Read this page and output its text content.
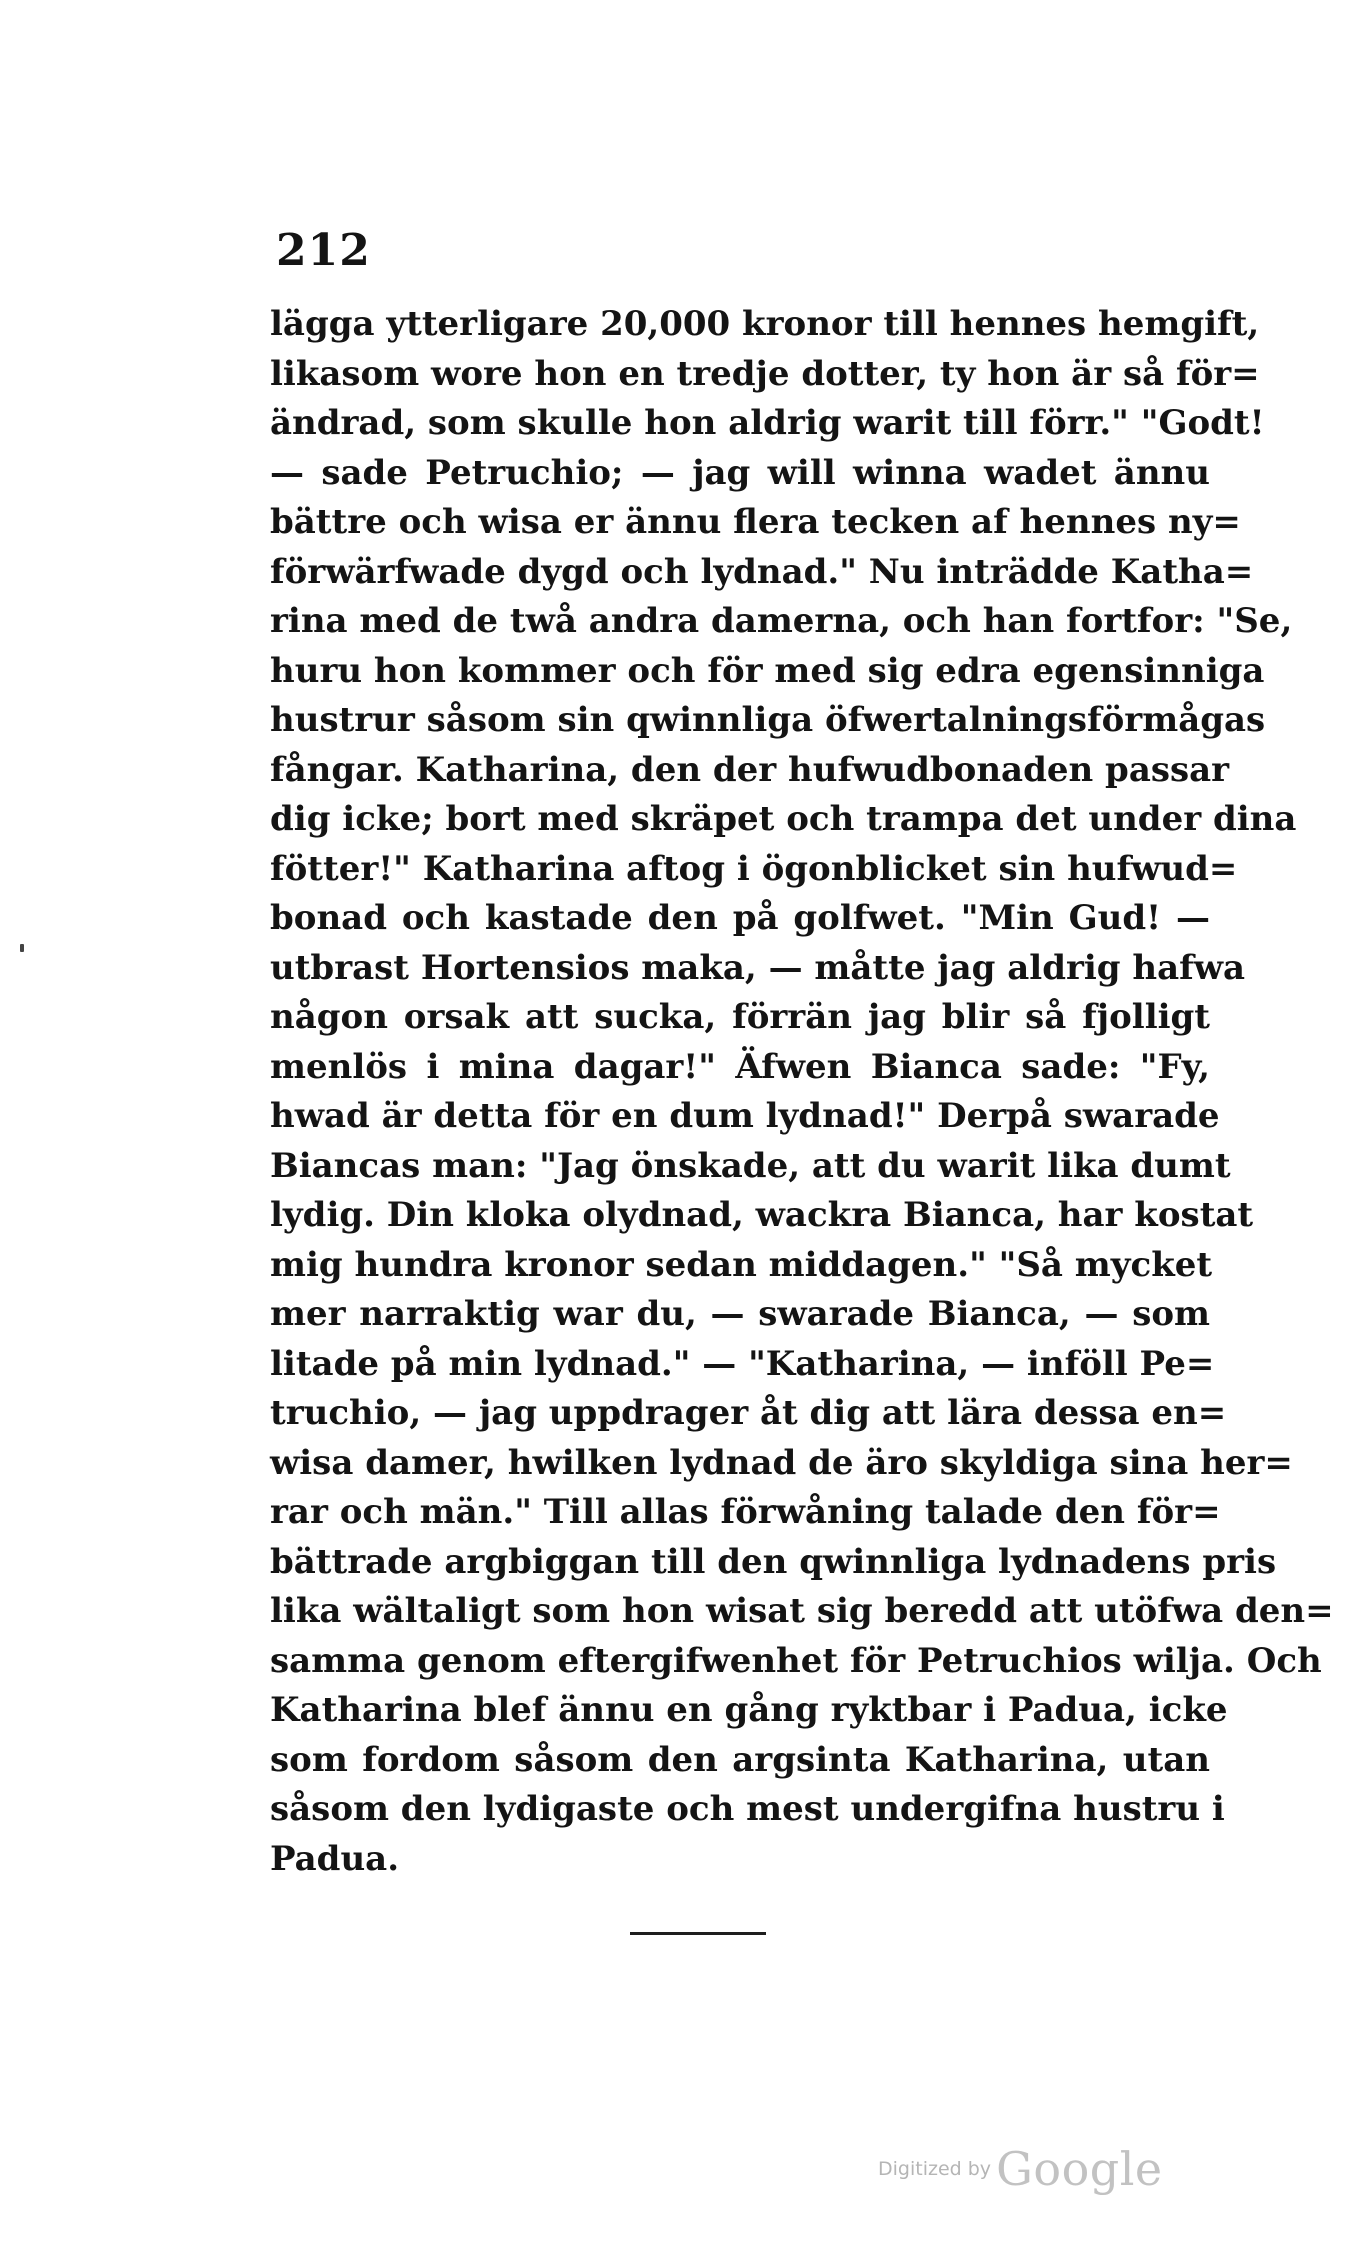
212
lägga ytterligare 20,000 kronor till hennes hemgift,
likasom wore hon en tredje dotter, ty hon är så för=
ändrad, som skulle hon aldrig warit till förr." "Godt!
— sade Petruchio; — jag will winna wadet ännu
bättre och wisa er ännu flera tecken af hennes ny=
förwärfwade dygd och lydnad." Nu inträdde Katha=
rina med de twå andra damerna, och han fortfor: "Se,
huru hon kommer och för med sig edra egensinniga
hustrur såsom sin qwinnliga öfwertalningsförmågas
fångar. Katharina, den der hufwudbonaden passar
dig icke; bort med skräpet och trampa det under dina
fötter!" Katharina aftog i ögonblicket sin hufwud=
bonad och kastade den på golfwet. "Min Gud! —
utbrast Hortensios maka, — måtte jag aldrig hafwa
någon orsak att sucka, förrän jag blir så fjolligt
menlös i mina dagar!" Äfwen Bianca sade: "Fy,
hwad är detta för en dum lydnad!" Derpå swarade
Biancas man: "Jag önskade, att du warit lika dumt
lydig. Din kloka olydnad, wackra Bianca, har kostat
mig hundra kronor sedan middagen." "Så mycket
mer narraktig war du, — swarade Bianca, — som
litade på min lydnad." — "Katharina, — inföll Pe=
truchio, — jag uppdrager åt dig att lära dessa en=
wisa damer, hwilken lydnad de äro skyldiga sina her=
rar och män." Till allas förwåning talade den för=
bättrade argbiggan till den qwinnliga lydnadens pris
lika wältaligt som hon wisat sig beredd att utöfwa den=
samma genom eftergifwenhet för Petruchios wilja. Och
Katharina blef ännu en gång ryktbar i Padua, icke
som fordom såsom den argsinta Katharina, utan
såsom den lydigaste och mest undergifna hustru i
Padua.
Digitized by Google
